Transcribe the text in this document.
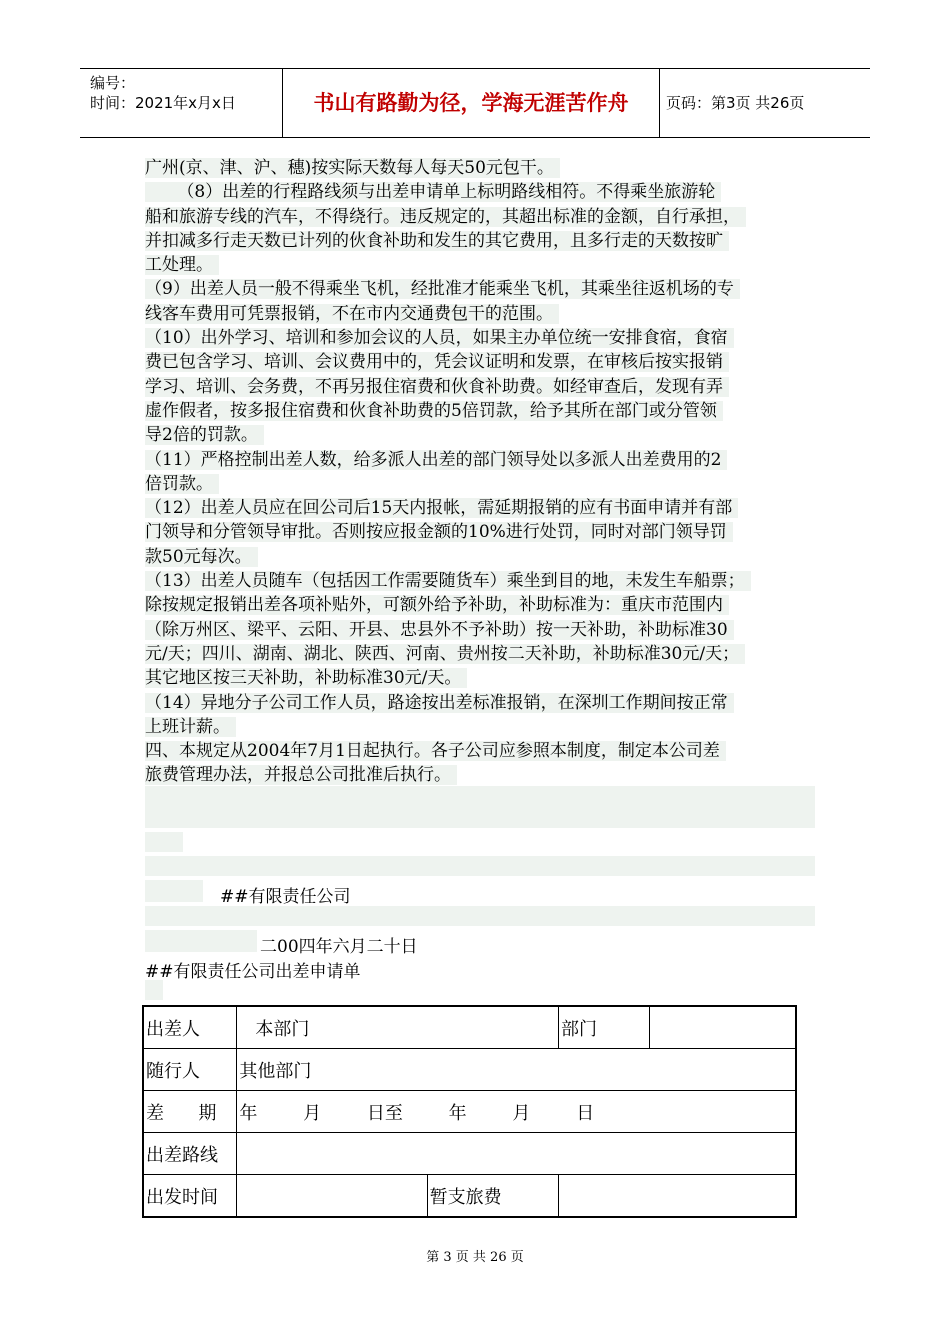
编号：
时间：2021年x月x日	书山有路勤为径，学海无涯苦作舟	页码：第3页 共26页
广州(京、津、沪、穗)按实际天数每人每天50元包干。
（8）出差的行程路线须与出差申请单上标明路线相符。不得乘坐旅游轮
船和旅游专线的汽车，不得绕行。违反规定的，其超出标准的金额，自行承担，
并扣减多行走天数已计列的伙食补助和发生的其它费用，且多行走的天数按旷
工处理。
（9）出差人员一般不得乘坐飞机，经批准才能乘坐飞机，其乘坐往返机场的专
线客车费用可凭票报销，不在市内交通费包干的范围。
（10）出外学习、培训和参加会议的人员，如果主办单位统一安排食宿，食宿
费已包含学习、培训、会议费用中的，凭会议证明和发票，在审核后按实报销
学习、培训、会务费，不再另报住宿费和伙食补助费。如经审查后，发现有弄
虚作假者，按多报住宿费和伙食补助费的5倍罚款，给予其所在部门或分管领
导2倍的罚款。
（11）严格控制出差人数，给多派人出差的部门领导处以多派人出差费用的2
倍罚款。
（12）出差人员应在回公司后15天内报帐，需延期报销的应有书面申请并有部
门领导和分管领导审批。否则按应报金额的10%进行处罚，同时对部门领导罚
款50元每次。
（13）出差人员随车（包括因工作需要随货车）乘坐到目的地，未发生车船票；
除按规定报销出差各项补贴外，可额外给予补助，补助标准为：重庆市范围内
（除万州区、梁平、云阳、开县、忠县外不予补助）按一天补助，补助标准30
元/天；四川、湖南、湖北、陕西、河南、贵州按二天补助，补助标准30元/天；
其它地区按三天补助，补助标准30元/天。
（14）异地分子公司工作人员，路途按出差标准报销，在深圳工作期间按正常
上班计薪。
四、本规定从2004年7月1日起执行。各子公司应参照本制度，制定本公司差
旅费管理办法，并报总公司批准后执行。
##有限责任公司
二00四年六月二十日
##有限责任公司出差申请单
出差人	本部门		部门	
随行人	其他部门			
差      期	年        月        日至        年        月        日			
出差路线				
出发时间		暂支旅费		
第 3 页 共 26 页
